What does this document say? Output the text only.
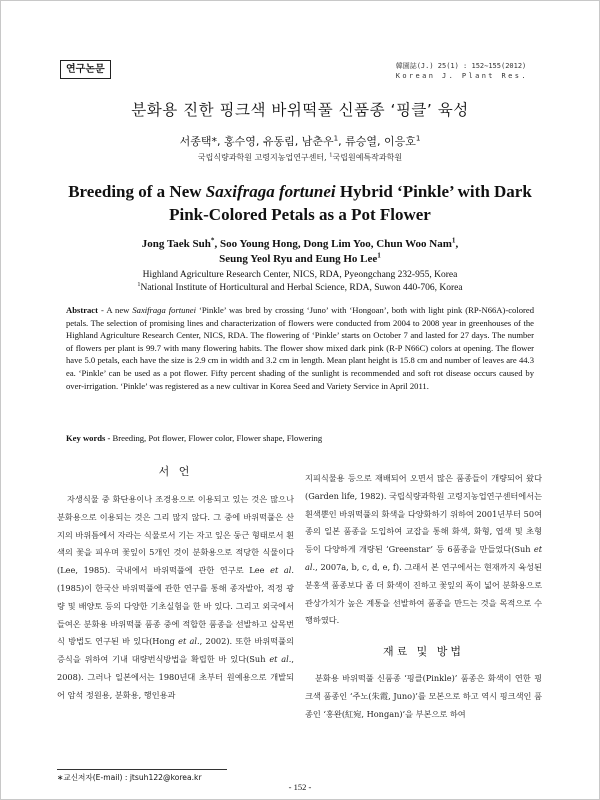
연구논문	韓園誌(J.) 25(1) : 152∼155(2012)
Korean J. Plant Res.
분화용 진한 핑크색 바위떡풀 신품종 ‘핑클’ 육성
서종택*, 홍수영, 유동림, 남춘우$^1$, 류승열, 이응호$^1$
국립식량과학원 고령지농업연구센터, $^1$국립원예특작과학원
Breeding of a New Saxifraga fortunei Hybrid ‘Pinkle’ with Dark
Pink-Colored Petals as a Pot Flower
Jong Taek Suh*, Soo Young Hong, Dong Lim Yoo, Chun Woo Nam$^1$,
Seung Yeol Ryu and Eung Ho Lee$^1$
Highland Agriculture Research Center, NICS, RDA, Pyeongchang 232-955, Korea
$^1$National Institute of Horticultural and Herbal Science, RDA, Suwon 440-706, Korea
Abstract - A new Saxifraga fortunei ‘Pinkle’ was bred by crossing ‘Juno’ with ‘Hongoan’, both with light pink (RP-N66A)-colored petals. The selection of promising lines and characterization of flowers were conducted from 2004 to 2008 year in greenhouses of the Highland Agriculture Research Center, NICS, RDA. The flowering of ‘Pinkle’ starts on October 7 and lasted for 27 days. The number of flowers per plant is 99.7 with many flowering habits. The flower show mixed dark pink (R-P N66C) colors at opening. The flower have 5.0 petals, each have the size is 2.9 cm in width and 3.2 cm in length. Mean plant height is 15.8 cm and number of leaves are 44.3 ea. ‘Pinkle’ can be used as a pot flower. Fifty percent shading of the sunlight is recommended and soft rot disease occurs caused by over-irrigation. ‘Pinkle’ was registered as a new cultivar in Korea Seed and Variety Service in April 2011.
Key words - Breeding, Pot flower, Flower color, Flower shape, Flowering
서 언

자생식물 중 화단용이나 조경용으로 이용되고 있는 것은 많으나 분화용으로 이용되는 것은 그리 많지 않다. 그 중에 바위떡풀은 산지의 바위틈에서 자라는 식물로서 기는 자고 잎은 둥근 형태로서 흰색의 꽃을 피우며 꽃잎이 5개인 것이 분화용으로 적당한 식물이다(Lee, 1985). 국내에서 바위떡풀에 관한 연구로 Lee et al.(1985)이 한국산 바위떡풀에 관한 연구를 통해 종자발아, 적정 광량 및 배양토 등의 다양한 기초실험을 한 바 있다. 그리고 외국에서 들여온 분화용 바위떡풀 품종 중에 적합한 품종을 선발하고 삽목번식 방법도 연구된 바 있다(Hong et al., 2002). 또한 바위떡풀의 증식을 위하여 기내 대량번식방법을 확립한 바 있다(Suh et al., 2008). 그러나 일본에서는 1980년대 초부터 원예용으로 개발되어 암석 정원용, 분화용, 행인용과

지피식물용 등으로 재배되어 오면서 많은 품종들이 개량되어 왔다(Garden life, 1982). 국립식량과학원 고령지농업연구센터에서는 흰색뿐인 바위떡풀의 화색을 다양화하기 위하여 2001년부터 50여종의 일본 품종을 도입하여 교잡을 통해 화색, 화형, 엽색 및 초형 등이 다양하게 개량된 ‘Greenstar’ 등 6품종을 만들었다(Suh et al., 2007a, b, c, d, e, f). 그래서 본 연구에서는 현재까지 육성된 분홍색 품종보다 좀 더 화색이 진하고 꽃잎의 폭이 넓어 분화용으로 관상가치가 높은 계통을 선발하여 품종을 만드는 것을 목적으로 수행하였다.

재료 및 방법

분화용 바위떡풀 신품종 ‘핑클(Pinkle)’ 품종은 화색이 연한 핑크색 품종인 ‘주노(朱霞, Juno)’를 모본으로 하고 역시 핑크색인 품종인 ‘홍완(紅宛, Hongan)’을 부본으로 하여

∗교신저자(E-mail) : jtsuh122@korea.kr
- 152 -
